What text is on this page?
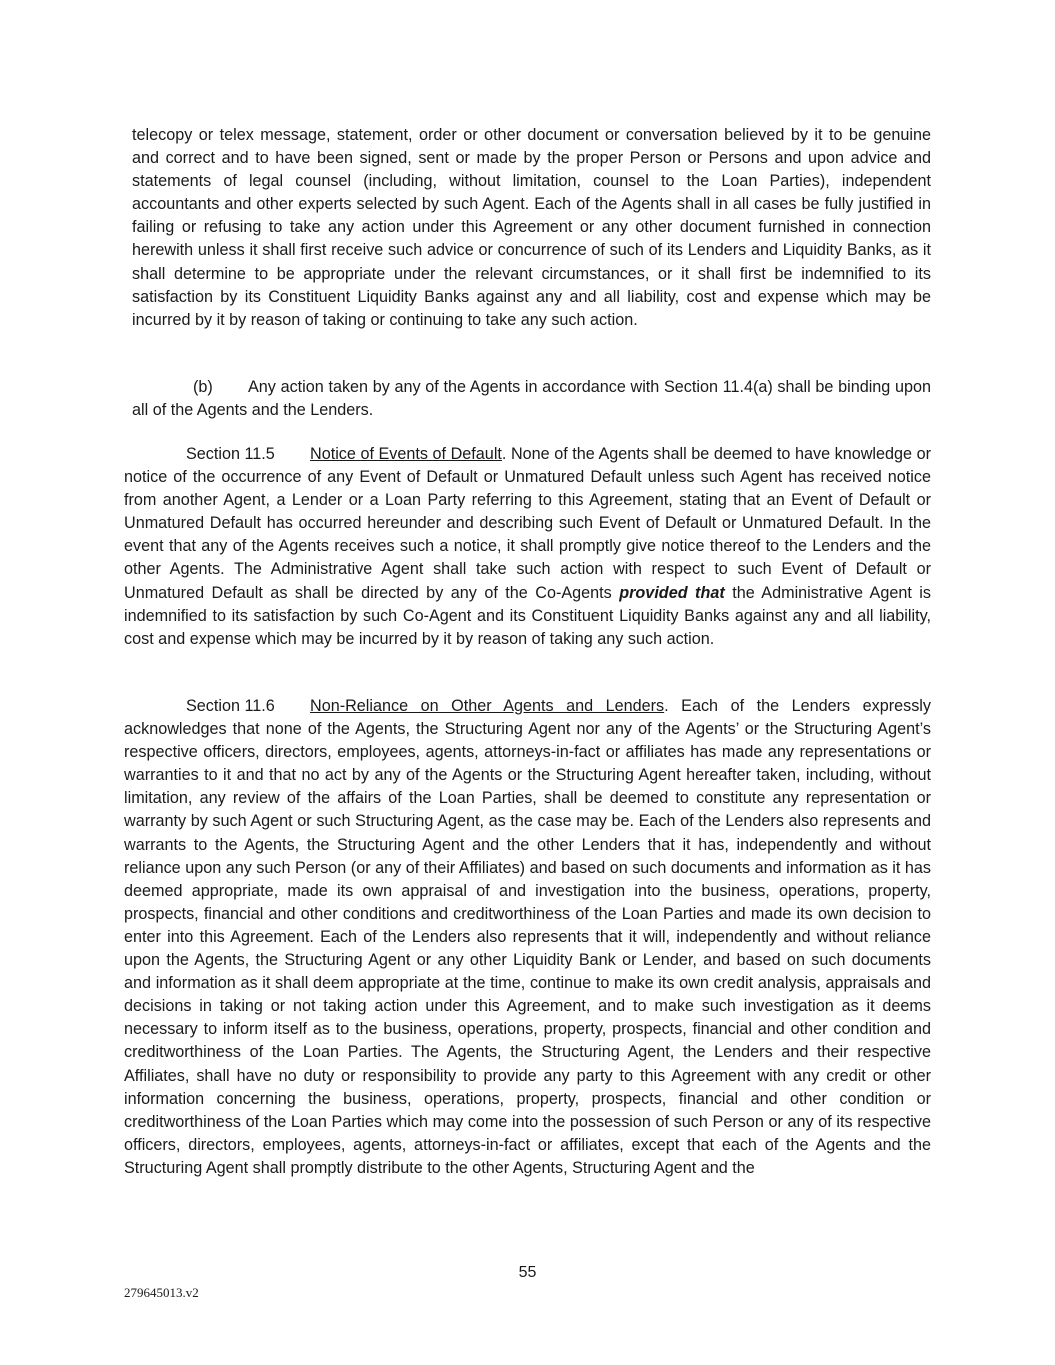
telecopy or telex message, statement, order or other document or conversation believed by it to be genuine and correct and to have been signed, sent or made by the proper Person or Persons and upon advice and statements of legal counsel (including, without limitation, counsel to the Loan Parties), independent accountants and other experts selected by such Agent. Each of the Agents shall in all cases be fully justified in failing or refusing to take any action under this Agreement or any other document furnished in connection herewith unless it shall first receive such advice or concurrence of such of its Lenders and Liquidity Banks, as it shall determine to be appropriate under the relevant circumstances, or it shall first be indemnified to its satisfaction by its Constituent Liquidity Banks against any and all liability, cost and expense which may be incurred by it by reason of taking or continuing to take any such action.

(b) Any action taken by any of the Agents in accordance with Section 11.4(a) shall be binding upon all of the Agents and the Lenders.

Section 11.5 Notice of Events of Default. None of the Agents shall be deemed to have knowledge or notice of the occurrence of any Event of Default or Unmatured Default unless such Agent has received notice from another Agent, a Lender or a Loan Party referring to this Agreement, stating that an Event of Default or Unmatured Default has occurred hereunder and describing such Event of Default or Unmatured Default. In the event that any of the Agents receives such a notice, it shall promptly give notice thereof to the Lenders and the other Agents. The Administrative Agent shall take such action with respect to such Event of Default or Unmatured Default as shall be directed by any of the Co-Agents provided that the Administrative Agent is indemnified to its satisfaction by such Co-Agent and its Constituent Liquidity Banks against any and all liability, cost and expense which may be incurred by it by reason of taking any such action.

Section 11.6 Non-Reliance on Other Agents and Lenders. Each of the Lenders expressly acknowledges that none of the Agents, the Structuring Agent nor any of the Agents’ or the Structuring Agent’s respective officers, directors, employees, agents, attorneys-in-fact or affiliates has made any representations or warranties to it and that no act by any of the Agents or the Structuring Agent hereafter taken, including, without limitation, any review of the affairs of the Loan Parties, shall be deemed to constitute any representation or warranty by such Agent or such Structuring Agent, as the case may be. Each of the Lenders also represents and warrants to the Agents, the Structuring Agent and the other Lenders that it has, independently and without reliance upon any such Person (or any of their Affiliates) and based on such documents and information as it has deemed appropriate, made its own appraisal of and investigation into the business, operations, property, prospects, financial and other conditions and creditworthiness of the Loan Parties and made its own decision to enter into this Agreement. Each of the Lenders also represents that it will, independently and without reliance upon the Agents, the Structuring Agent or any other Liquidity Bank or Lender, and based on such documents and information as it shall deem appropriate at the time, continue to make its own credit analysis, appraisals and decisions in taking or not taking action under this Agreement, and to make such investigation as it deems necessary to inform itself as to the business, operations, property, prospects, financial and other condition and creditworthiness of the Loan Parties. The Agents, the Structuring Agent, the Lenders and their respective Affiliates, shall have no duty or responsibility to provide any party to this Agreement with any credit or other information concerning the business, operations, property, prospects, financial and other condition or creditworthiness of the Loan Parties which may come into the possession of such Person or any of its respective officers, directors, employees, agents, attorneys-in-fact or affiliates, except that each of the Agents and the Structuring Agent shall promptly distribute to the other Agents, Structuring Agent and the

55
279645013.v2
